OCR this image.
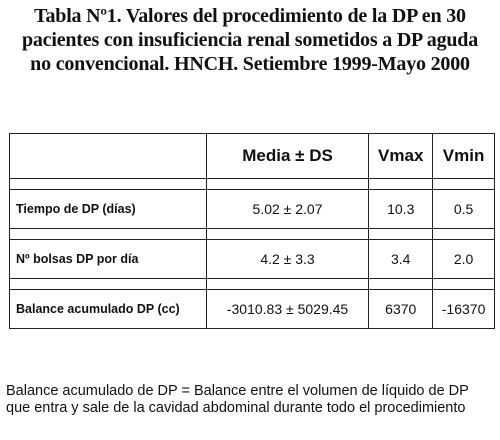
Tabla Nº1. Valores del procedimiento de la DP en 30
pacientes con insuficiencia renal sometidos a DP aguda
no convencional. HNCH. Setiembre 1999-Mayo 2000
	Media ± DS	Vmax	Vmin

Tiempo de DP (días)	5.02 ± 2.07	10.3	0.5

Nº bolsas DP por día	4.2 ± 3.3	3.4	2.0

Balance acumulado DP (cc)	-3010.83 ± 5029.45	6370	-16370
Balance acumulado de DP = Balance entre el volumen de líquido de DP que entra y sale de la cavidad abdominal durante todo el procedimiento
